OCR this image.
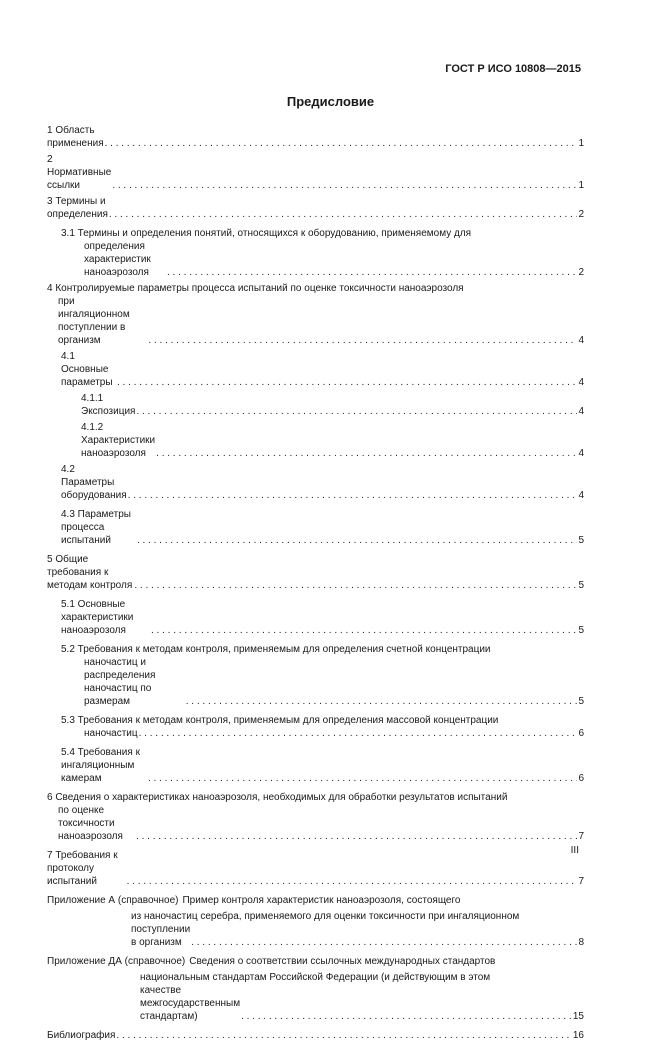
ГОСТ Р ИСО 10808—2015
Предисловие
1 Область применения . . .	1
2 Нормативные ссылки . . .	1
3 Термины и определения . . .	2
3.1 Термины и определения понятий, относящихся к оборудованию, применяемому для
определения характеристик нанoаэрозоля . . .	2
4 Контролируемые параметры процесса испытаний по оценке токсичности наноаэрозоля
при ингаляционном поступлении в организм . . .	4
4.1 Основные параметры . . .	4
4.1.1 Экспозиция . . .	4
4.1.2 Характеристики наноаэрозоля . . .	4
4.2 Параметры оборудования . . .	4
4.3 Параметры процесса испытаний . . .	5
5 Общие требования к методам контроля . . .	5
5.1 Основные характеристики наноаэрозоля . . .	5
5.2 Требования к методам контроля, применяемым для определения счетной концентрации
наночастиц и распределения наночастиц по размерам . . .	5
5.3 Требования к методам контроля, применяемым для определения массовой концентрации
наночастиц . . .	6
5.4 Требования к ингаляционным камерам . . .	6
6 Сведения о характеристиках наноаэрозоля, необходимых для обработки результатов испытаний
по оценке токсичности наноаэрозоля . . .	7
7 Требования к протоколу испытаний . . .	7
Приложение А (справочное) Пример контроля характеристик наноаэрозоля, состоящего
из наночастиц серебра, применяемого для оценки токсичности при ингаляционном
поступлении в организм . . .	8
Приложение ДА (справочное) Сведения о соответствии ссылочных международных стандартов
национальным стандартам Российской Федерации (и действующим в этом
качестве межгосударственным стандартам) . . .	15
Библиография . . .	16
III
